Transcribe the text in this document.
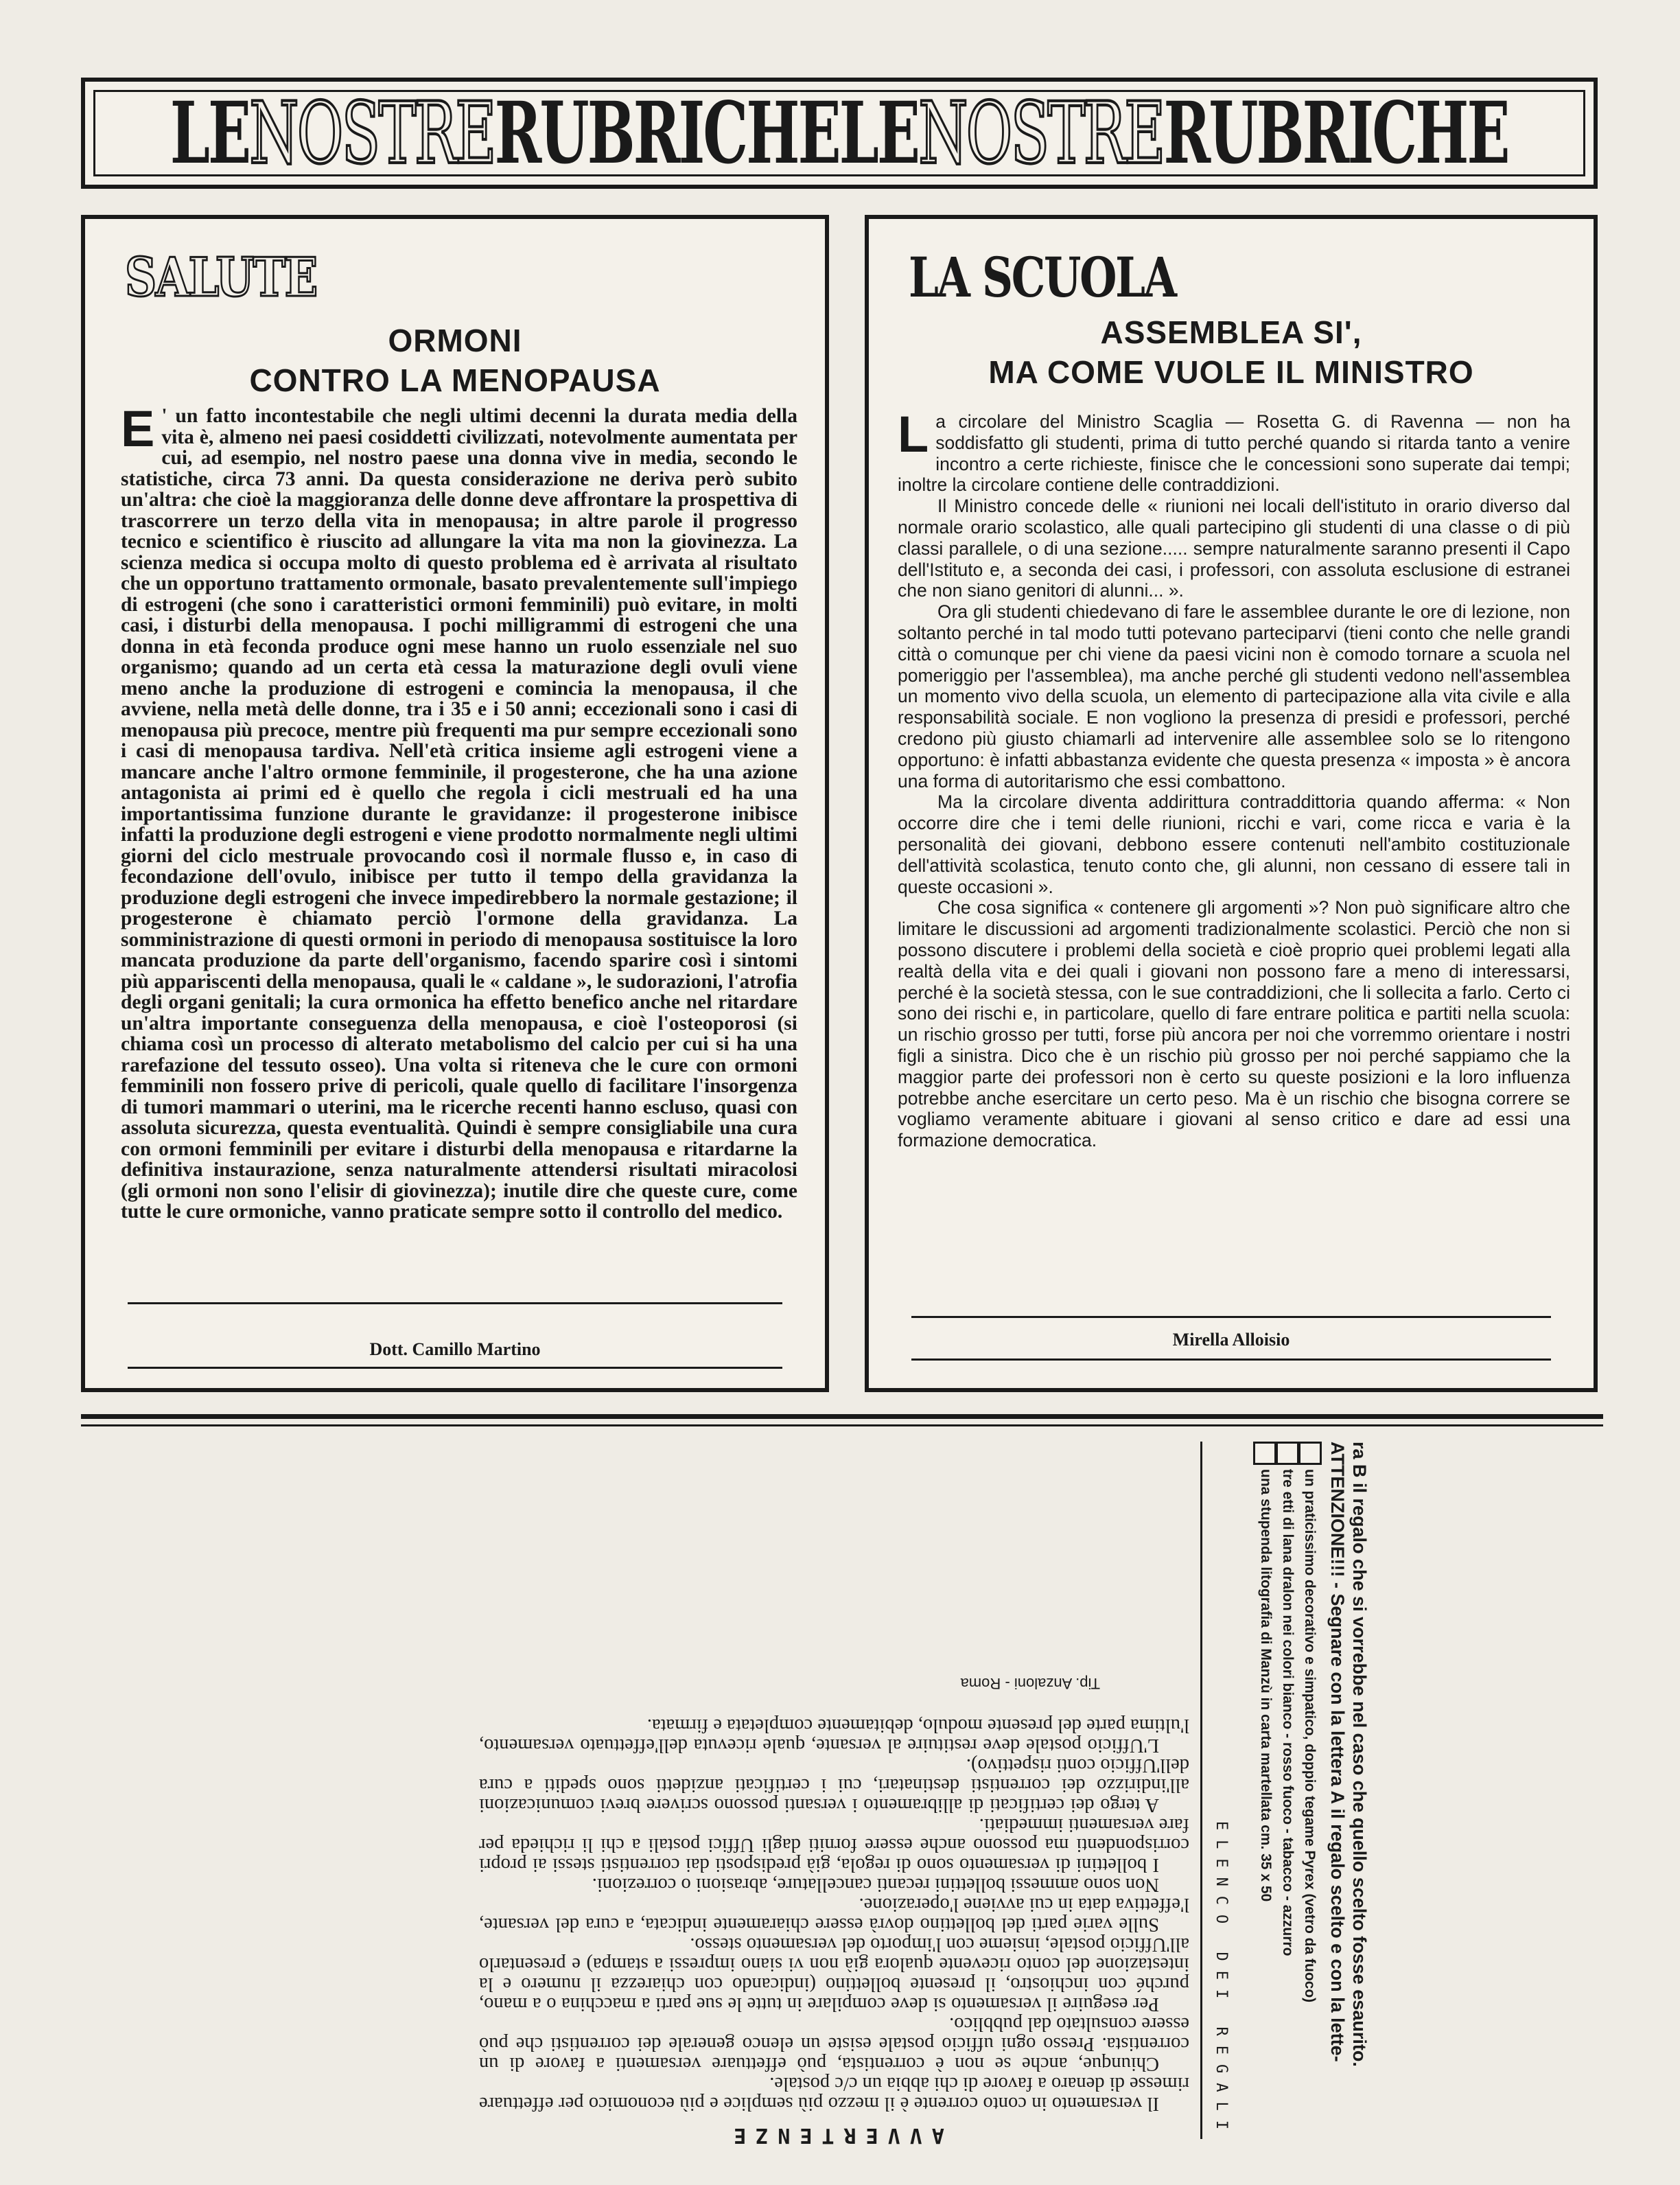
LENOSTRERUBRICHELENOSTRERUBRICHE
SALUTE
ORMONI
CONTRO LA MENOPAUSA
E ' un fatto incontestabile che negli ultimi decenni la durata media della vita è, almeno nei paesi cosiddetti civilizzati, notevolmente aumentata per cui, ad esempio, nel nostro paese una donna vive in media, secondo le statistiche, circa 73 anni. Da questa considerazione ne deriva però subito un'altra: che cioè la maggioranza delle donne deve affrontare la prospettiva di trascorrere un terzo della vita in menopausa; in altre parole il progresso tecnico e scientifico è riuscito ad allungare la vita ma non la giovinezza. La scienza medica si occupa molto di questo problema ed è arrivata al risultato che un opportuno trattamento ormonale, basato prevalentemente sull'impiego di estrogeni (che sono i caratteristici ormoni femminili) può evitare, in molti casi, i disturbi della menopausa. I pochi milligrammi di estrogeni che una donna in età feconda produce ogni mese hanno un ruolo essenziale nel suo organismo; quando ad un certa età cessa la maturazione degli ovuli viene meno anche la produzione di estrogeni e comincia la menopausa, il che avviene, nella metà delle donne, tra i 35 e i 50 anni; eccezionali sono i casi di menopausa più precoce, mentre più frequenti ma pur sempre eccezionali sono i casi di menopausa tardiva. Nell'età critica insieme agli estrogeni viene a mancare anche l'altro ormone femminile, il progesterone, che ha una azione antagonista ai primi ed è quello che regola i cicli mestruali ed ha una importantissima funzione durante le gravidanze: il progesterone inibisce infatti la produzione degli estrogeni e viene prodotto normalmente negli ultimi giorni del ciclo mestruale provocando così il normale flusso e, in caso di fecondazione dell'ovulo, inibisce per tutto il tempo della gravidanza la produzione degli estrogeni che invece impedirebbero la normale gestazione; il progesterone è chiamato perciò l'ormone della gravidanza. La somministrazione di questi ormoni in periodo di menopausa sostituisce la loro mancata produzione da parte dell'organismo, facendo sparire così i sintomi più appariscenti della menopausa, quali le « caldane », le sudorazioni, l'atrofia degli organi genitali; la cura ormonica ha effetto benefico anche nel ritardare un'altra importante conseguenza della menopausa, e cioè l'osteoporosi (si chiama così un processo di alterato metabolismo del calcio per cui si ha una rarefazione del tessuto osseo). Una volta si riteneva che le cure con ormoni femminili non fossero prive di pericoli, quale quello di facilitare l'insorgenza di tumori mammari o uterini, ma le ricerche recenti hanno escluso, quasi con assoluta sicurezza, questa eventualità. Quindi è sempre consigliabile una cura con ormoni femminili per evitare i disturbi della menopausa e ritardarne la definitiva instaurazione, senza naturalmente attendersi risultati miracolosi (gli ormoni non sono l'elisir di giovinezza); inutile dire che queste cure, come tutte le cure ormoniche, vanno praticate sempre sotto il controllo del medico.
Dott. Camillo Martino
LA SCUOLA
ASSEMBLEA SI',
MA COME VUOLE IL MINISTRO

La circolare del Ministro Scaglia — Rosetta G. di Ravenna — non ha soddisfatto gli studenti, prima di tutto perché quando si ritarda tanto a venire incontro a certe richieste, finisce che le concessioni sono superate dai tempi; inoltre la circolare contiene delle contraddizioni.

Il Ministro concede delle « riunioni nei locali dell'istituto in orario diverso dal normale orario scolastico, alle quali partecipino gli studenti di una classe o di più classi parallele, o di una sezione..... sempre naturalmente saranno presenti il Capo dell'Istituto e, a seconda dei casi, i professori, con assoluta esclusione di estranei che non siano genitori di alunni... ».

Ora gli studenti chiedevano di fare le assemblee durante le ore di lezione, non soltanto perché in tal modo tutti potevano parteciparvi (tieni conto che nelle grandi città o comunque per chi viene da paesi vicini non è comodo tornare a scuola nel pomeriggio per l'assemblea), ma anche perché gli studenti vedono nell'assemblea un momento vivo della scuola, un elemento di partecipazione alla vita civile e alla responsabilità sociale. E non vogliono la presenza di presidi e professori, perché credono più giusto chiamarli ad intervenire alle assemblee solo se lo ritengono opportuno: è infatti abbastanza evidente che questa presenza « imposta » è ancora una forma di autoritarismo che essi combattono.

Ma la circolare diventa addirittura contraddittoria quando afferma: « Non occorre dire che i temi delle riunioni, ricchi e vari, come ricca e varia è la personalità dei giovani, debbono essere contenuti nell'ambito costituzionale dell'attività scolastica, tenuto conto che, gli alunni, non cessano di essere tali in queste occasioni ».

Che cosa significa « contenere gli argomenti »? Non può significare altro che limitare le discussioni ad argomenti tradizionalmente scolastici. Perciò che non si possono discutere i problemi della società e cioè proprio quei problemi legati alla realtà della vita e dei quali i giovani non possono fare a meno di interessarsi, perché è la società stessa, con le sue contraddizioni, che li sollecita a farlo. Certo ci sono dei rischi e, in particolare, quello di fare entrare politica e partiti nella scuola: un rischio grosso per tutti, forse più ancora per noi che vorremmo orientare i nostri figli a sinistra. Dico che è un rischio più grosso per noi perché sappiamo che la maggior parte dei professori non è certo su queste posizioni e la loro influenza potrebbe anche esercitare un certo peso. Ma è un rischio che bisogna correre se vogliamo veramente abituare i giovani al senso critico e dare ad essi una formazione democratica.

Mirella Alloisio
AVVERTENZE

Il versamento in conto corrente è il mezzo più semplice e più economico per effettuare rimesse di denaro a favore di chi abbia un c/c postale.

Chiunque, anche se non è correntista, può effettuare versamenti a favore di un correntista. Presso ogni ufficio postale esiste un elenco generale dei correntisti che può essere consultato dal pubblico.

Per eseguire il versamento si deve compilare in tutte le sue parti a macchina o a mano, purché con inchiostro, il presente bollettino (indicando con chiarezza il numero e la intestazione del conto ricevente qualora già non vi siano impressi a stampa) e presentarlo all'Ufficio postale, insieme con l'importo del versamento stesso.

Sulle varie parti del bollettino dovrà essere chiaramente indicata, a cura del versante, l'effettiva data in cui avviene l'operazione.

Non sono ammessi bollettini recanti cancellature, abrasioni o correzioni.

I bollettini di versamento sono di regola, già predisposti dai correntisti stessi ai propri corrispondenti ma possono anche essere forniti dagli Uffici postali a chi li richieda per fare versamenti immediati.

A tergo dei certificati di allibramento i versanti possono scrivere brevi comunicazioni all'indirizzo dei correntisti destinatari, cui i certificati anzidetti sono spediti a cura dell'Ufficio conti rispettivo).

L'Ufficio postale deve restituire al versante, quale ricevuta dell'effettuato versamento, l'ultima parte del presente modulo, debitamente completata e firmata.

Tip. Anzaloni - Roma
ELENCO DEI REGALI
una stupenda litografia di Manzù in carta martellata cm. 35 x 50 tre etti di lana dralon nei colori bianco - rosso fuoco - tabacco - azzurro un praticissimo decorativo e simpatico, doppio tegame Pyrex (vetro da fuoco) ATTENZIONE!!! - Segnare con la lettera A il regalo scelto e con la lette- ra B il regalo che si vorrebbe nel caso che quello scelto fosse esaurito.
